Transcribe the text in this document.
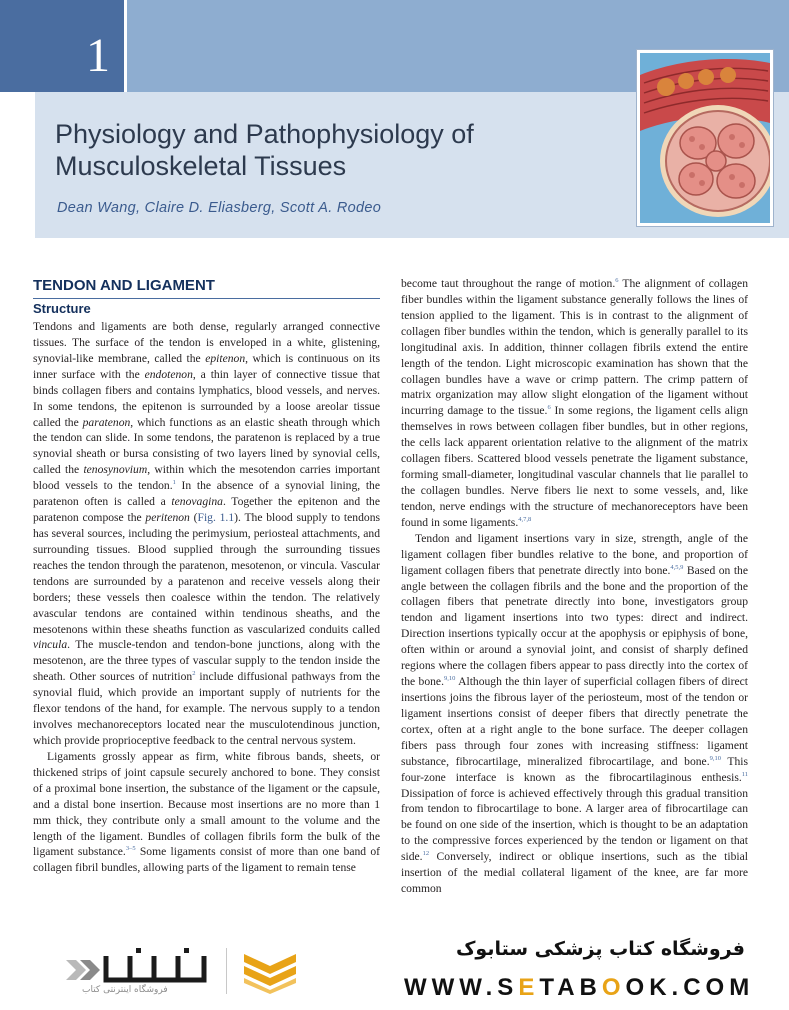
1
Physiology and Pathophysiology of Musculoskeletal Tissues

Dean Wang, Claire D. Eliasberg, Scott A. Rodeo

TENDON AND LIGAMENT
Structure

Tendons and ligaments are both dense, regularly arranged connective tissues. The surface of the tendon is enveloped in a white, glistening, synovial-like membrane, called the epitenon, which is continuous on its inner surface with the endotenon, a thin layer of connective tissue that binds collagen fibers and contains lymphatics, blood vessels, and nerves. In some tendons, the epitenon is surrounded by a loose areolar tissue called the paratenon, which functions as an elastic sheath through which the tendon can slide. In some tendons, the paratenon is replaced by a true synovial sheath or bursa consisting of two layers lined by synovial cells, called the tenosynovium, within which the mesotendon carries important blood vessels to the tendon.$^1$ In the absence of a synovial lining, the paratenon often is called a tenovagina. Together the epitenon and the paratenon compose the peritenon (Fig. 1.1). The blood supply to tendons has several sources, including the perimysium, periosteal attachments, and surrounding tissues. Blood supplied through the surrounding tissues reaches the tendon through the paratenon, mesotenon, or vincula. Vascular tendons are surrounded by a paratenon and receive vessels along their borders; these vessels then coalesce within the tendon. The relatively avascular tendons are contained within tendinous sheaths, and the mesotenons within these sheaths function as vascularized conduits called vincula. The muscle-tendon and tendon-bone junctions, along with the mesotenon, are the three types of vascular supply to the tendon inside the sheath. Other sources of nutrition$^2$ include diffusional pathways from the synovial fluid, which provide an important supply of nutrients for the flexor tendons of the hand, for example. The nervous supply to a tendon involves mechanoreceptors located near the musculotendinous junction, which provide proprioceptive feedback to the central nervous system.

Ligaments grossly appear as firm, white fibrous bands, sheets, or thickened strips of joint capsule securely anchored to bone. They consist of a proximal bone insertion, the substance of the ligament or the capsule, and a distal bone insertion. Because most insertions are no more than 1 mm thick, they contribute only a small amount to the volume and the length of the ligament. Bundles of collagen fibrils form the bulk of the ligament substance.$^{3-5}$ Some ligaments consist of more than one band of collagen fibril bundles, allowing parts of the ligament to remain tense

become taut throughout the range of motion.$^6$ The alignment of collagen fiber bundles within the ligament substance generally follows the lines of tension applied to the ligament. This is in contrast to the alignment of collagen fiber bundles within the tendon, which is generally parallel to its longitudinal axis. In addition, thinner collagen fibrils extend the entire length of the tendon. Light microscopic examination has shown that the collagen bundles have a wave or crimp pattern. The crimp pattern of matrix organization may allow slight elongation of the ligament without incurring damage to the tissue.$^6$ In some regions, the ligament cells align themselves in rows between collagen fiber bundles, but in other regions, the cells lack apparent orientation relative to the alignment of the matrix collagen fibers. Scattered blood vessels penetrate the ligament substance, forming small-diameter, longitudinal vascular channels that lie parallel to the collagen bundles. Nerve fibers lie next to some vessels, and, like tendon, nerve endings with the structure of mechanoreceptors have been found in some ligaments.$^{4,7,8}$

Tendon and ligament insertions vary in size, strength, angle of the ligament collagen fiber bundles relative to the bone, and proportion of ligament collagen fibers that penetrate directly into bone.$^{4,5,9}$ Based on the angle between the collagen fibrils and the bone and the proportion of the collagen fibers that penetrate directly into bone, investigators group tendon and ligament insertions into two types: direct and indirect. Direction insertions typically occur at the apophysis or epiphysis of bone, often within or around a synovial joint, and consist of sharply defined regions where the collagen fibers appear to pass directly into the cortex of the bone.$^{9,10}$ Although the thin layer of superficial collagen fibers of direct insertions joins the fibrous layer of the periosteum, most of the tendon or ligament insertions consist of deeper fibers that directly penetrate the cortex, often at a right angle to the bone surface. The deeper collagen fibers pass through four zones with increasing stiffness: ligament substance, fibrocartilage, mineralized fibrocartilage, and bone.$^{9,10}$ This four-zone interface is known as the fibrocartilaginous enthesis.$^{11}$ Dissipation of force is achieved effectively through this gradual transition from tendon to fibrocartilage to bone. A larger area of fibrocartilage can be found on one side of the insertion, which is thought to be an adaptation to the compressive forces experienced by the tendon or ligament on that side.$^{12}$ Conversely, indirect or oblique insertions, such as the tibial insertion of the medial collateral ligament of the knee, are far more common

فروشگاه اینترنتی کتاب
فروشگاه کتاب پزشکی ستابوک
WWW.SETABOOK.COM
